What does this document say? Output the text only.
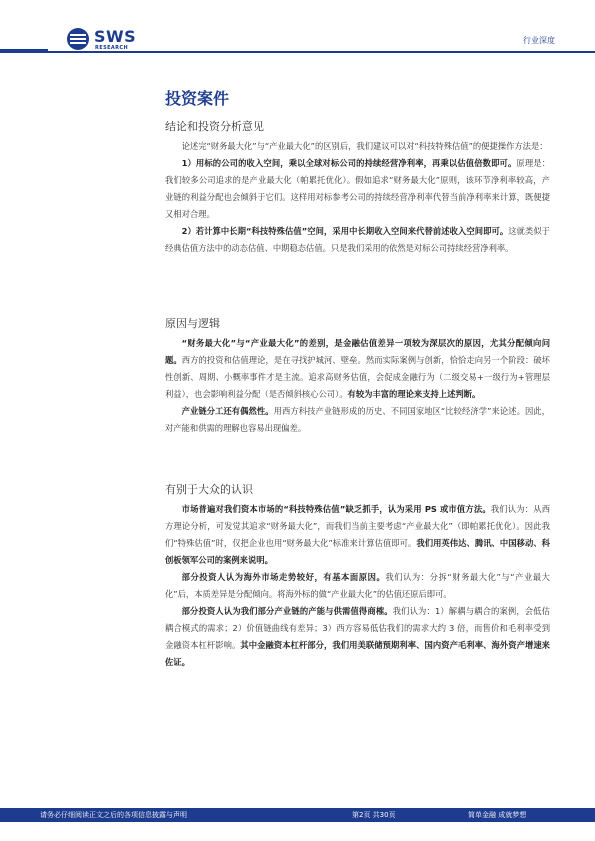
SWS
RESEARCH
行业深度
投资案件
结论和投资分析意见

论述完“财务最大化”与“产业最大化”的区别后，我们建议可以对“科技特殊估值”的便捷操作方法是：

1）用标的公司的收入空间，乘以全球对标公司的持续经营净利率，再乘以估值倍数即可。原理是：我们较多公司追求的是产业最大化（帕累托优化）。假如追求“财务最大化”原则，该环节净利率较高，产业链的利益分配也会倾斜于它们。这样用对标参考公司的持续经营净利率代替当前净利率来计算，既便捷又相对合理。

2）若计算中长期“科技特殊估值”空间，采用中长期收入空间来代替前述收入空间即可。这就类似于经典估值方法中的动态估值、中期稳态估值。只是我们采用的依然是对标公司持续经营净利率。

原因与逻辑

“财务最大化”与“产业最大化”的差别，是金融估值差异一项较为深层次的原因，尤其分配倾向问题。西方的投资和估值理论，是在寻找护城河、壁垒。然而实际案例与创新，恰恰走向另一个阶段：破坏性创新、周期、小概率事件才是主流。追求高财务估值，会促成金融行为（二级交易+一级行为+管理层利益），也会影响利益分配（是否倾斜核心公司）。有较为丰富的理论来支持上述判断。

产业链分工还有偶然性。用西方科技产业链形成的历史、不同国家地区“比较经济学”来论述。因此，对产能和供需的理解也容易出现偏差。

有别于大众的认识

市场普遍对我们资本市场的“科技特殊估值”缺乏抓手，认为采用 PS 或市值方法。我们认为：从西方理论分析，可发觉其追求“财务最大化”，而我们当前主要考虑“产业最大化”（即帕累托优化）。因此我们“特殊估值”时，仅把企业也用“财务最大化”标准来计算估值即可。我们用英伟达、腾讯、中国移动、科创板领军公司的案例来说明。

部分投资人认为海外市场走势较好，有基本面原因。我们认为：分拆“财务最大化”与“产业最大化”后，本质差异是分配倾向。将海外标的做“产业最大化”的估值还原后即可。

部分投资人认为我们部分产业链的产能与供需值得商榷。我们认为：1）解耦与耦合的案例，会低估耦合模式的需求；2）价值链曲线有差异；3）西方容易低估我们的需求大约 3 倍，而售价和毛利率受到金融资本杠杆影响。其中金融资本杠杆部分，我们用美联储预期利率、国内资产毛利率、海外资产增速来佐证。

请务必仔细阅读正文之后的各项信息披露与声明	第2页 共30页	简单金融 成就梦想
